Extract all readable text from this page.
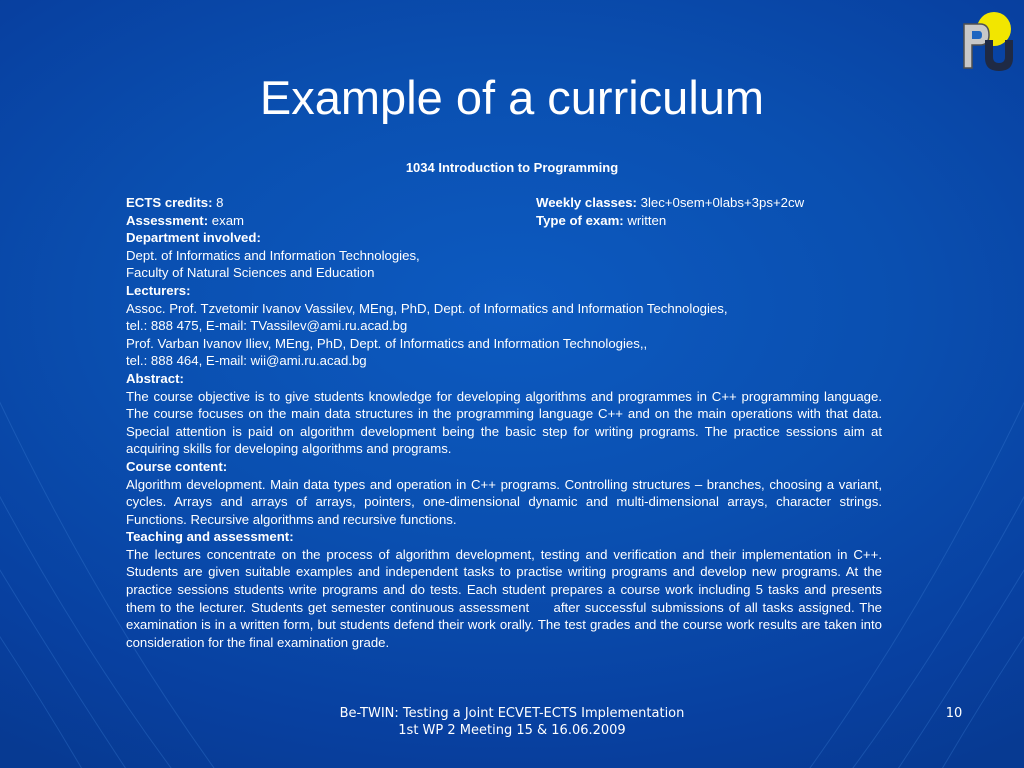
Example of a curriculum
1034 Introduction to Programming
ECTS credits: 8	Weekly classes: 3lec+0sem+0labs+3ps+2cw
Assessment: exam	Type of exam: written
Department involved:
Dept. of Informatics and Information Technologies,
Faculty of Natural Sciences and Education
Lecturers:
Assoc. Prof. Tzvetomir Ivanov Vassilev, MEng, PhD, Dept. of Informatics and Information Technologies,
tel.: 888 475, E-mail: TVassilev@ami.ru.acad.bg
Prof. Varban Ivanov Iliev, MEng, PhD, Dept. of Informatics and Information Technologies,,
tel.: 888 464, E-mail: wii@ami.ru.acad.bg
Abstract:
The course objective is to give students knowledge for developing algorithms and programmes in C++ programming language. The course focuses on the main data structures in the programming language C++ and on the main operations with that data. Special attention is paid on algorithm development being the basic step for writing programs. The practice sessions aim at acquiring skills for developing algorithms and programs.
Course content:
Algorithm development. Main data types and operation in C++ programs. Controlling structures – branches, choosing a variant, cycles. Arrays and arrays of arrays, pointers, one-dimensional dynamic and multi-dimensional arrays, character strings. Functions. Recursive algorithms and recursive functions.
Teaching and assessment:
The lectures concentrate on the process of algorithm development, testing and verification and their implementation in C++. Students are given suitable examples and independent tasks to practise writing programs and develop new programs. At the practice sessions students write programs and do tests. Each student prepares a course work including 5 tasks and presents them to the lecturer. Students get semester continuous assessment     after successful submissions of all tasks assigned. The examination is in a written form, but students defend their work orally. The test grades and the course work results are taken into consideration for the final examination grade.
Be-TWIN: Testing a Joint ECVET-ECTS Implementation
1st WP 2 Meeting 15 & 16.06.2009
10
